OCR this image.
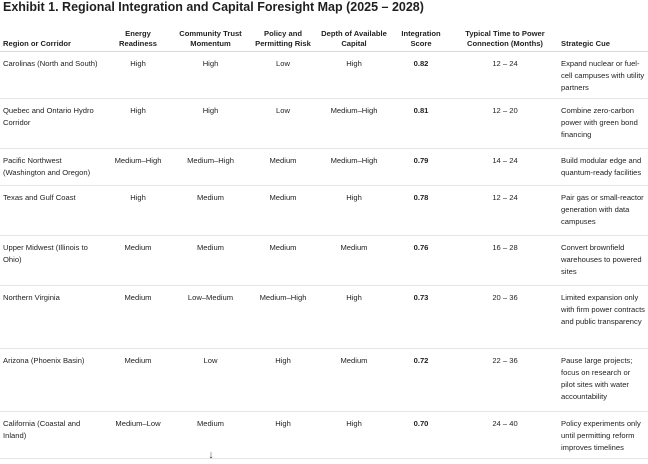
Exhibit 1. Regional Integration and Capital Foresight Map (2025 – 2028)
Region or Corridor	Energy Readiness	Community Trust Momentum	Policy and Permitting Risk	Depth of Available Capital	Integration Score	Typical Time to Power Connection (Months)	Strategic Cue
Carolinas (North and South)	High	High	Low	High	0.82	12 – 24	Expand nuclear or fuel-cell campuses with utility partners
Quebec and Ontario Hydro Corridor	High	High	Low	Medium–High	0.81	12 – 20	Combine zero-carbon power with green bond financing
Pacific Northwest (Washington and Oregon)	Medium–High	Medium–High	Medium	Medium–High	0.79	14 – 24	Build modular edge and quantum-ready facilities
Texas and Gulf Coast	High	Medium	Medium	High	0.78	12 – 24	Pair gas or small-reactor generation with data campuses
Upper Midwest (Illinois to Ohio)	Medium	Medium	Medium	Medium	0.76	16 – 28	Convert brownfield warehouses to powered sites
Northern Virginia	Medium	Low–Medium	Medium–High	High	0.73	20 – 36	Limited expansion only with firm power contracts and public transparency
Arizona (Phoenix Basin)	Medium	Low	High	Medium	0.72	22 – 36	Pause large projects; focus on research or pilot sites with water accountability
California (Coastal and Inland)	Medium–Low	Medium	High	High	0.70	24 – 40	Policy experiments only until permitting reform improves timelines
↓
